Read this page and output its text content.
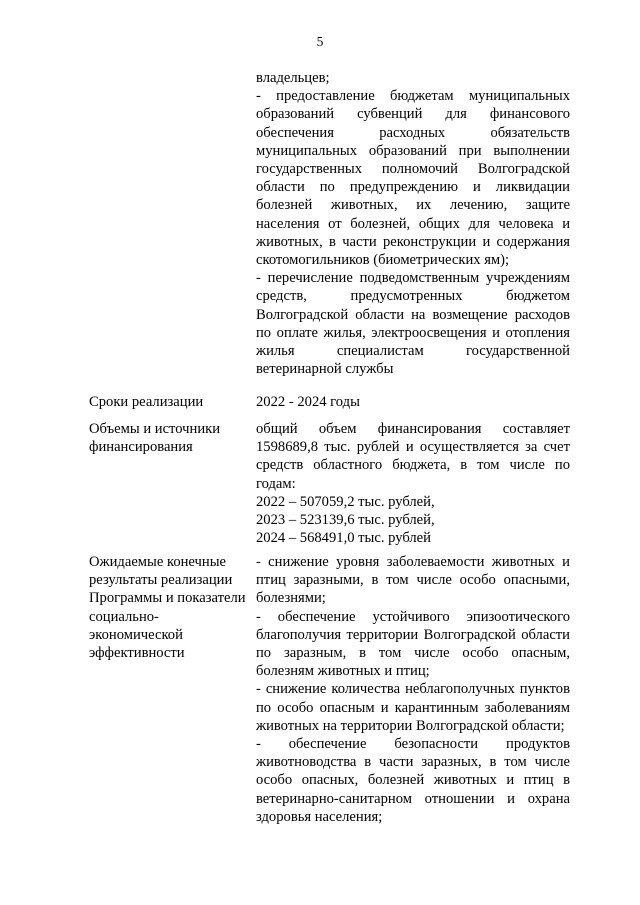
5

владельцев;

- предоставление бюджетам муниципальных образований субвенций для финансового обеспечения расходных обязательств муниципальных образований при выполнении государственных полномочий Волгоградской области по предупреждению и ликвидации болезней животных, их лечению, защите населения от болезней, общих для человека и животных, в части реконструкции и содержания скотомогильников (биометрических ям);

- перечисление подведомственным учреждениям средств, предусмотренных бюджетом Волгоградской области на возмещение расходов по оплате жилья, электроосвещения и отопления жилья специалистам государственной ветеринарной службы

Сроки реализации	2022 - 2024 годы

Объемы и источники финансирования

общий объем финансирования составляет 1598689,8 тыс. рублей и осуществляется за счет средств областного бюджета, в том числе по годам:

2022 – 507059,2 тыс. рублей,

2023 – 523139,6 тыс. рублей,

2024 – 568491,0 тыс. рублей

Ожидаемые конечные результаты реализации Программы и показатели социально-экономической эффективности

- снижение уровня заболеваемости животных и птиц заразными, в том числе особо опасными, болезнями;

- обеспечение устойчивого эпизоотического благополучия территории Волгоградской области по заразным, в том числе особо опасным, болезням животных и птиц;

- снижение количества неблагополучных пунктов по особо опасным и карантинным заболеваниям животных на территории Волгоградской области;

- обеспечение безопасности продуктов животноводства в части заразных, в том числе особо опасных, болезней животных и птиц в ветеринарно-санитарном отношении и охрана здоровья населения;
